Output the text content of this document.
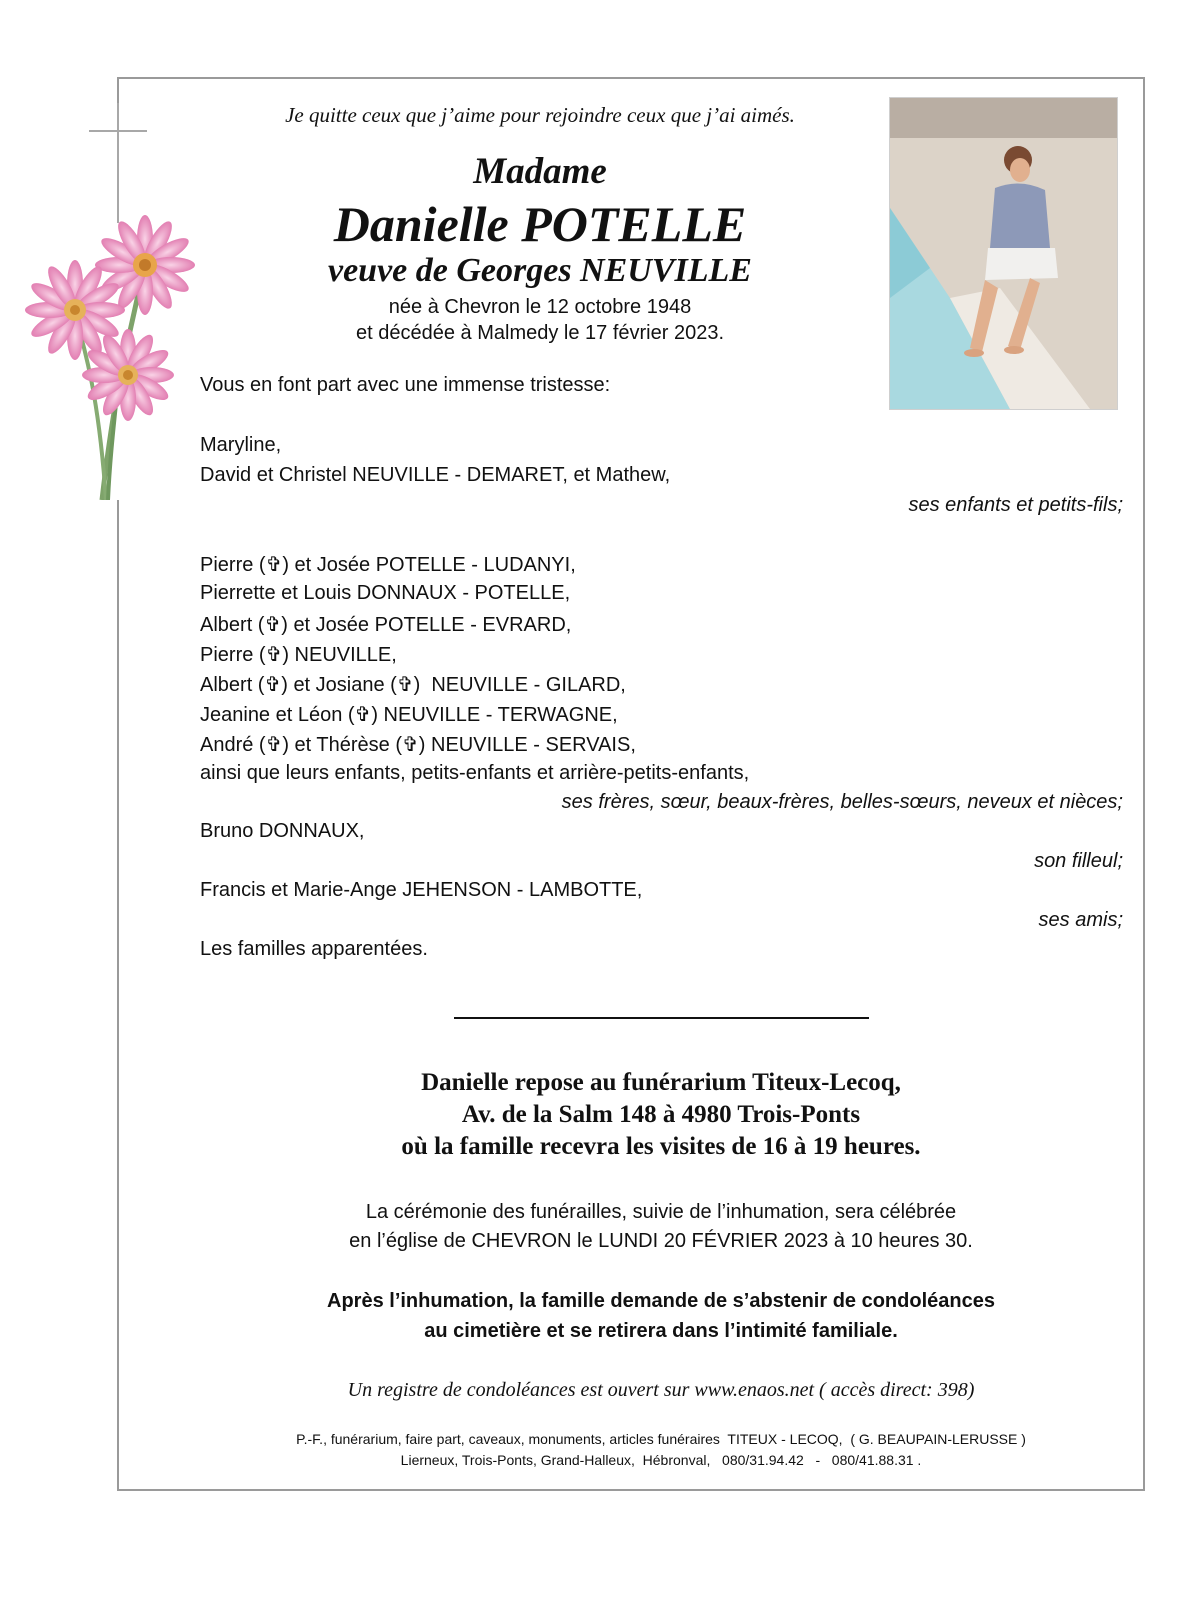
Je quitte ceux que j’aime pour rejoindre ceux que j’ai aimés.
Madame
Danielle POTELLE
veuve de Georges NEUVILLE
née à Chevron le 12 octobre 1948
et décédée à Malmedy le 17 février 2023.
Vous en font part avec une immense tristesse:
Maryline,
David et Christel NEUVILLE - DEMARET, et Mathew,
ses enfants et petits-fils;
Pierre (✞) et Josée POTELLE - LUDANYI,
Pierrette et Louis DONNAUX - POTELLE,
Albert (✞) et Josée POTELLE - EVRARD,
Pierre (✞) NEUVILLE,
Albert (✞) et Josiane (✞)  NEUVILLE - GILARD,
Jeanine et Léon (✞) NEUVILLE - TERWAGNE,
André (✞) et Thérèse (✞) NEUVILLE - SERVAIS,
ainsi que leurs enfants, petits-enfants et arrière-petits-enfants,
ses frères, sœur, beaux-frères, belles-sœurs, neveux et nièces;
Bruno DONNAUX,
son filleul;
Francis et Marie-Ange JEHENSON - LAMBOTTE,
ses amis;
Les familles apparentées.
Danielle repose au funérarium Titeux-Lecoq,
Av. de la Salm 148 à 4980 Trois-Ponts
où la famille recevra les visites de 16 à 19 heures.
La cérémonie des funérailles, suivie de l’inhumation, sera célébrée
en l’église de CHEVRON le LUNDI 20 FÉVRIER 2023 à 10 heures 30.
Après l’inhumation, la famille demande de s’abstenir de condoléances
au cimetière et se retirera dans l’intimité familiale.
Un registre de condoléances est ouvert sur www.enaos.net ( accès direct: 398)
P.-F., funérarium, faire part, caveaux, monuments, articles funéraires  TITEUX - LECOQ,  ( G. BEAUPAIN-LERUSSE )
Lierneux, Trois-Ponts, Grand-Halleux,  Hébronval,   080/31.94.42   -   080/41.88.31 .
